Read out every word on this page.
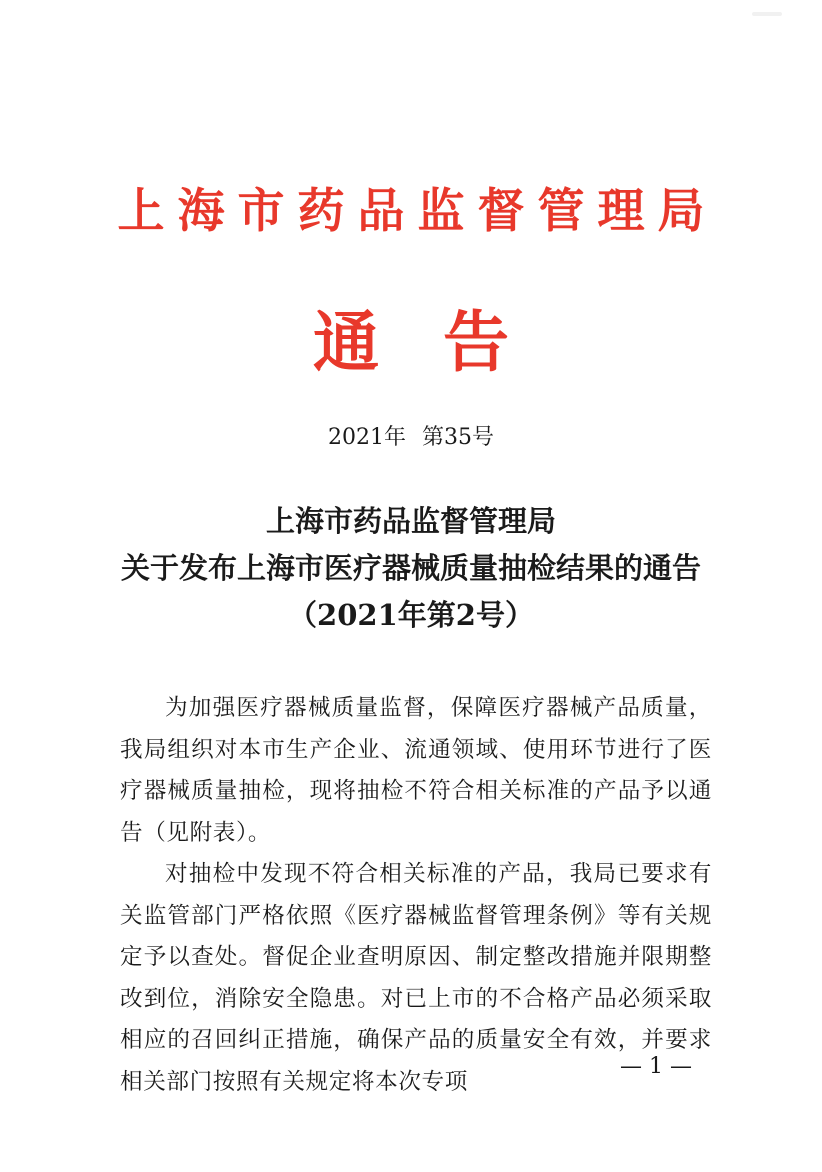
上海市药品监督管理局
通告
2021年 第35号
上海市药品监督管理局
关于发布上海市医疗器械质量抽检结果的通告
（2021年第2号）

为加强医疗器械质量监督，保障医疗器械产品质量，我局组织对本市生产企业、流通领域、使用环节进行了医疗器械质量抽检，现将抽检不符合相关标准的产品予以通告（见附表）。

对抽检中发现不符合相关标准的产品，我局已要求有关监管部门严格依照《医疗器械监督管理条例》等有关规定予以查处。督促企业查明原因、制定整改措施并限期整改到位，消除安全隐患。对已上市的不合格产品必须采取相应的召回纠正措施，确保产品的质量安全有效，并要求相关部门按照有关规定将本次专项

— 1 —
